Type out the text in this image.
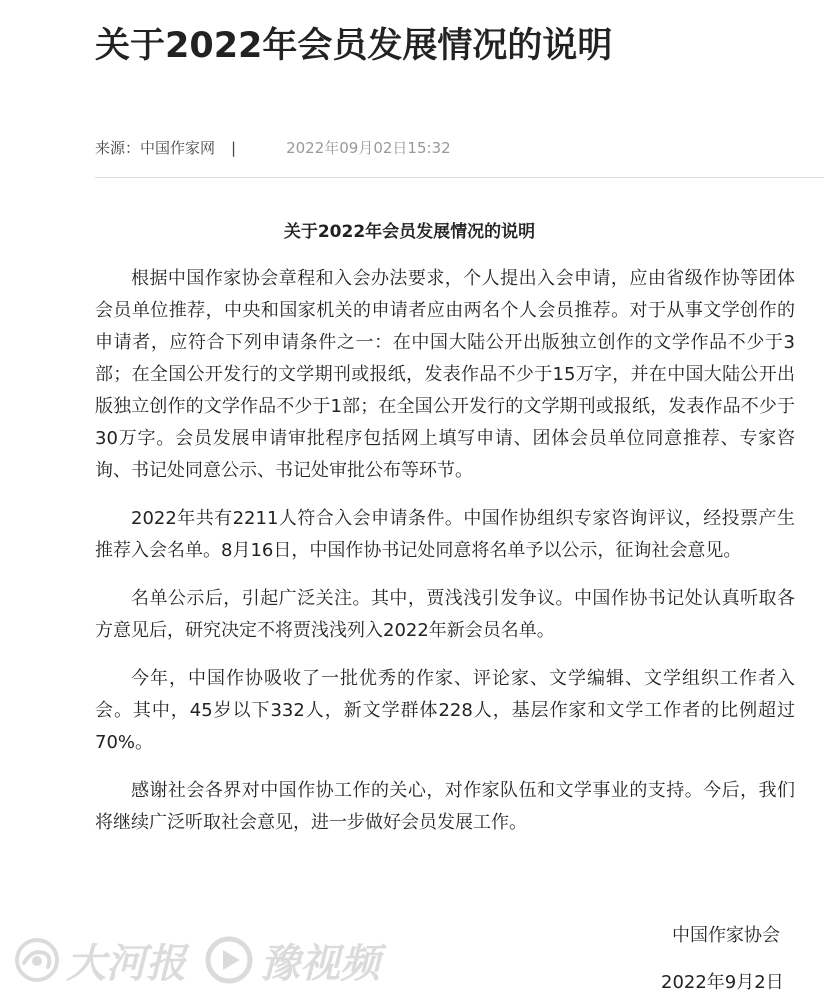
关于2022年会员发展情况的说明
来源：中国作家网 |	2022年09月02日15:32
关于2022年会员发展情况的说明

根据中国作家协会章程和入会办法要求，个人提出入会申请，应由省级作协等团体会员单位推荐，中央和国家机关的申请者应由两名个人会员推荐。对于从事文学创作的申请者，应符合下列申请条件之一：在中国大陆公开出版独立创作的文学作品不少于3部；在全国公开发行的文学期刊或报纸，发表作品不少于15万字，并在中国大陆公开出版独立创作的文学作品不少于1部；在全国公开发行的文学期刊或报纸，发表作品不少于30万字。会员发展申请审批程序包括网上填写申请、团体会员单位同意推荐、专家咨询、书记处同意公示、书记处审批公布等环节。

2022年共有2211人符合入会申请条件。中国作协组织专家咨询评议，经投票产生推荐入会名单。8月16日，中国作协书记处同意将名单予以公示，征询社会意见。

名单公示后，引起广泛关注。其中，贾浅浅引发争议。中国作协书记处认真听取各方意见后，研究决定不将贾浅浅列入2022年新会员名单。

今年，中国作协吸收了一批优秀的作家、评论家、文学编辑、文学组织工作者入会。其中，45岁以下332人，新文学群体228人，基层作家和文学工作者的比例超过70%。

感谢社会各界对中国作协工作的关心，对作家队伍和文学事业的支持。今后，我们将继续广泛听取社会意见，进一步做好会员发展工作。

大河报 豫视频
中国作家协会
2022年9月2日
